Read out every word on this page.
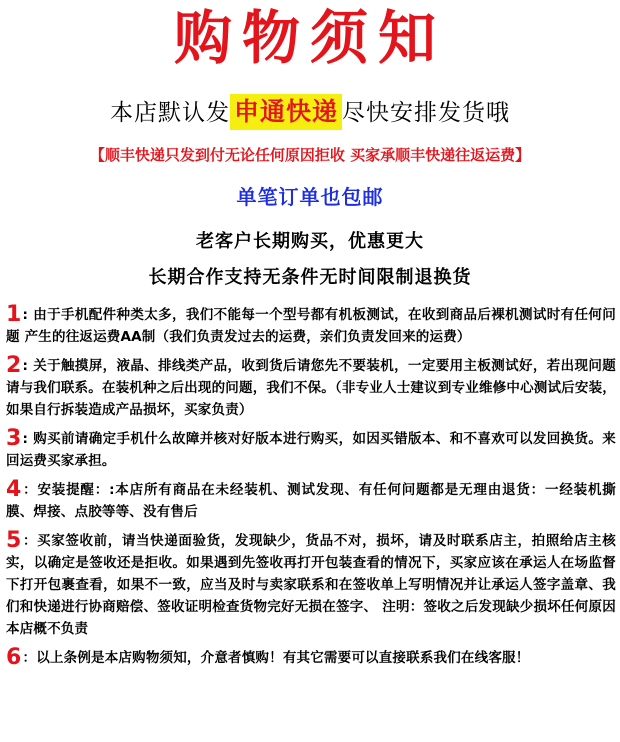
购物须知
本店默认发 申通快递 尽快安排发货哦
【顺丰快递只发到付无论任何原因拒收 买家承顺丰快递往返运费】
单笔订单也包邮
老客户长期购买，优惠更大
长期合作支持无条件无时间限制退换货

1: 由于手机配件种类太多，我们不能每一个型号都有机板测试，在收到商品后裸机测试时有任何问题 产生的往返运费AA制（我们负责发过去的运费，亲们负责发回来的运费）

2: 关于触摸屏，液晶、排线类产品，收到货后请您先不要装机，一定要用主板测试好，若出现问题请与我们联系。在装机种之后出现的问题，我们不保。（非专业人士建议到专业维修中心测试后安装，如果自行拆装造成产品损坏，买家负责）

3: 购买前请确定手机什么故障并核对好版本进行购买，如因买错版本、和不喜欢可以发回换货。来回运费买家承担。

4：安装提醒：:本店所有商品在未经装机、测试发现、有任何问题都是无理由退货：一经装机撕膜、焊接、点胶等等、没有售后

5：买家签收前，请当快递面验货，发现缺少，货品不对，损坏，请及时联系店主，拍照给店主核实，以确定是签收还是拒收。如果遇到先签收再打开包装查看的情况下，买家应该在承运人在场监督下打开包裹查看，如果不一致，应当及时与卖家联系和在签收单上写明情况并让承运人签字盖章、我们和快递进行协商赔偿、签收证明检查货物完好无损在签字、 注明：签收之后发现缺少损坏任何原因本店概不负责

6：以上条例是本店购物须知，介意者慎购！有其它需要可以直接联系我们在线客服！
